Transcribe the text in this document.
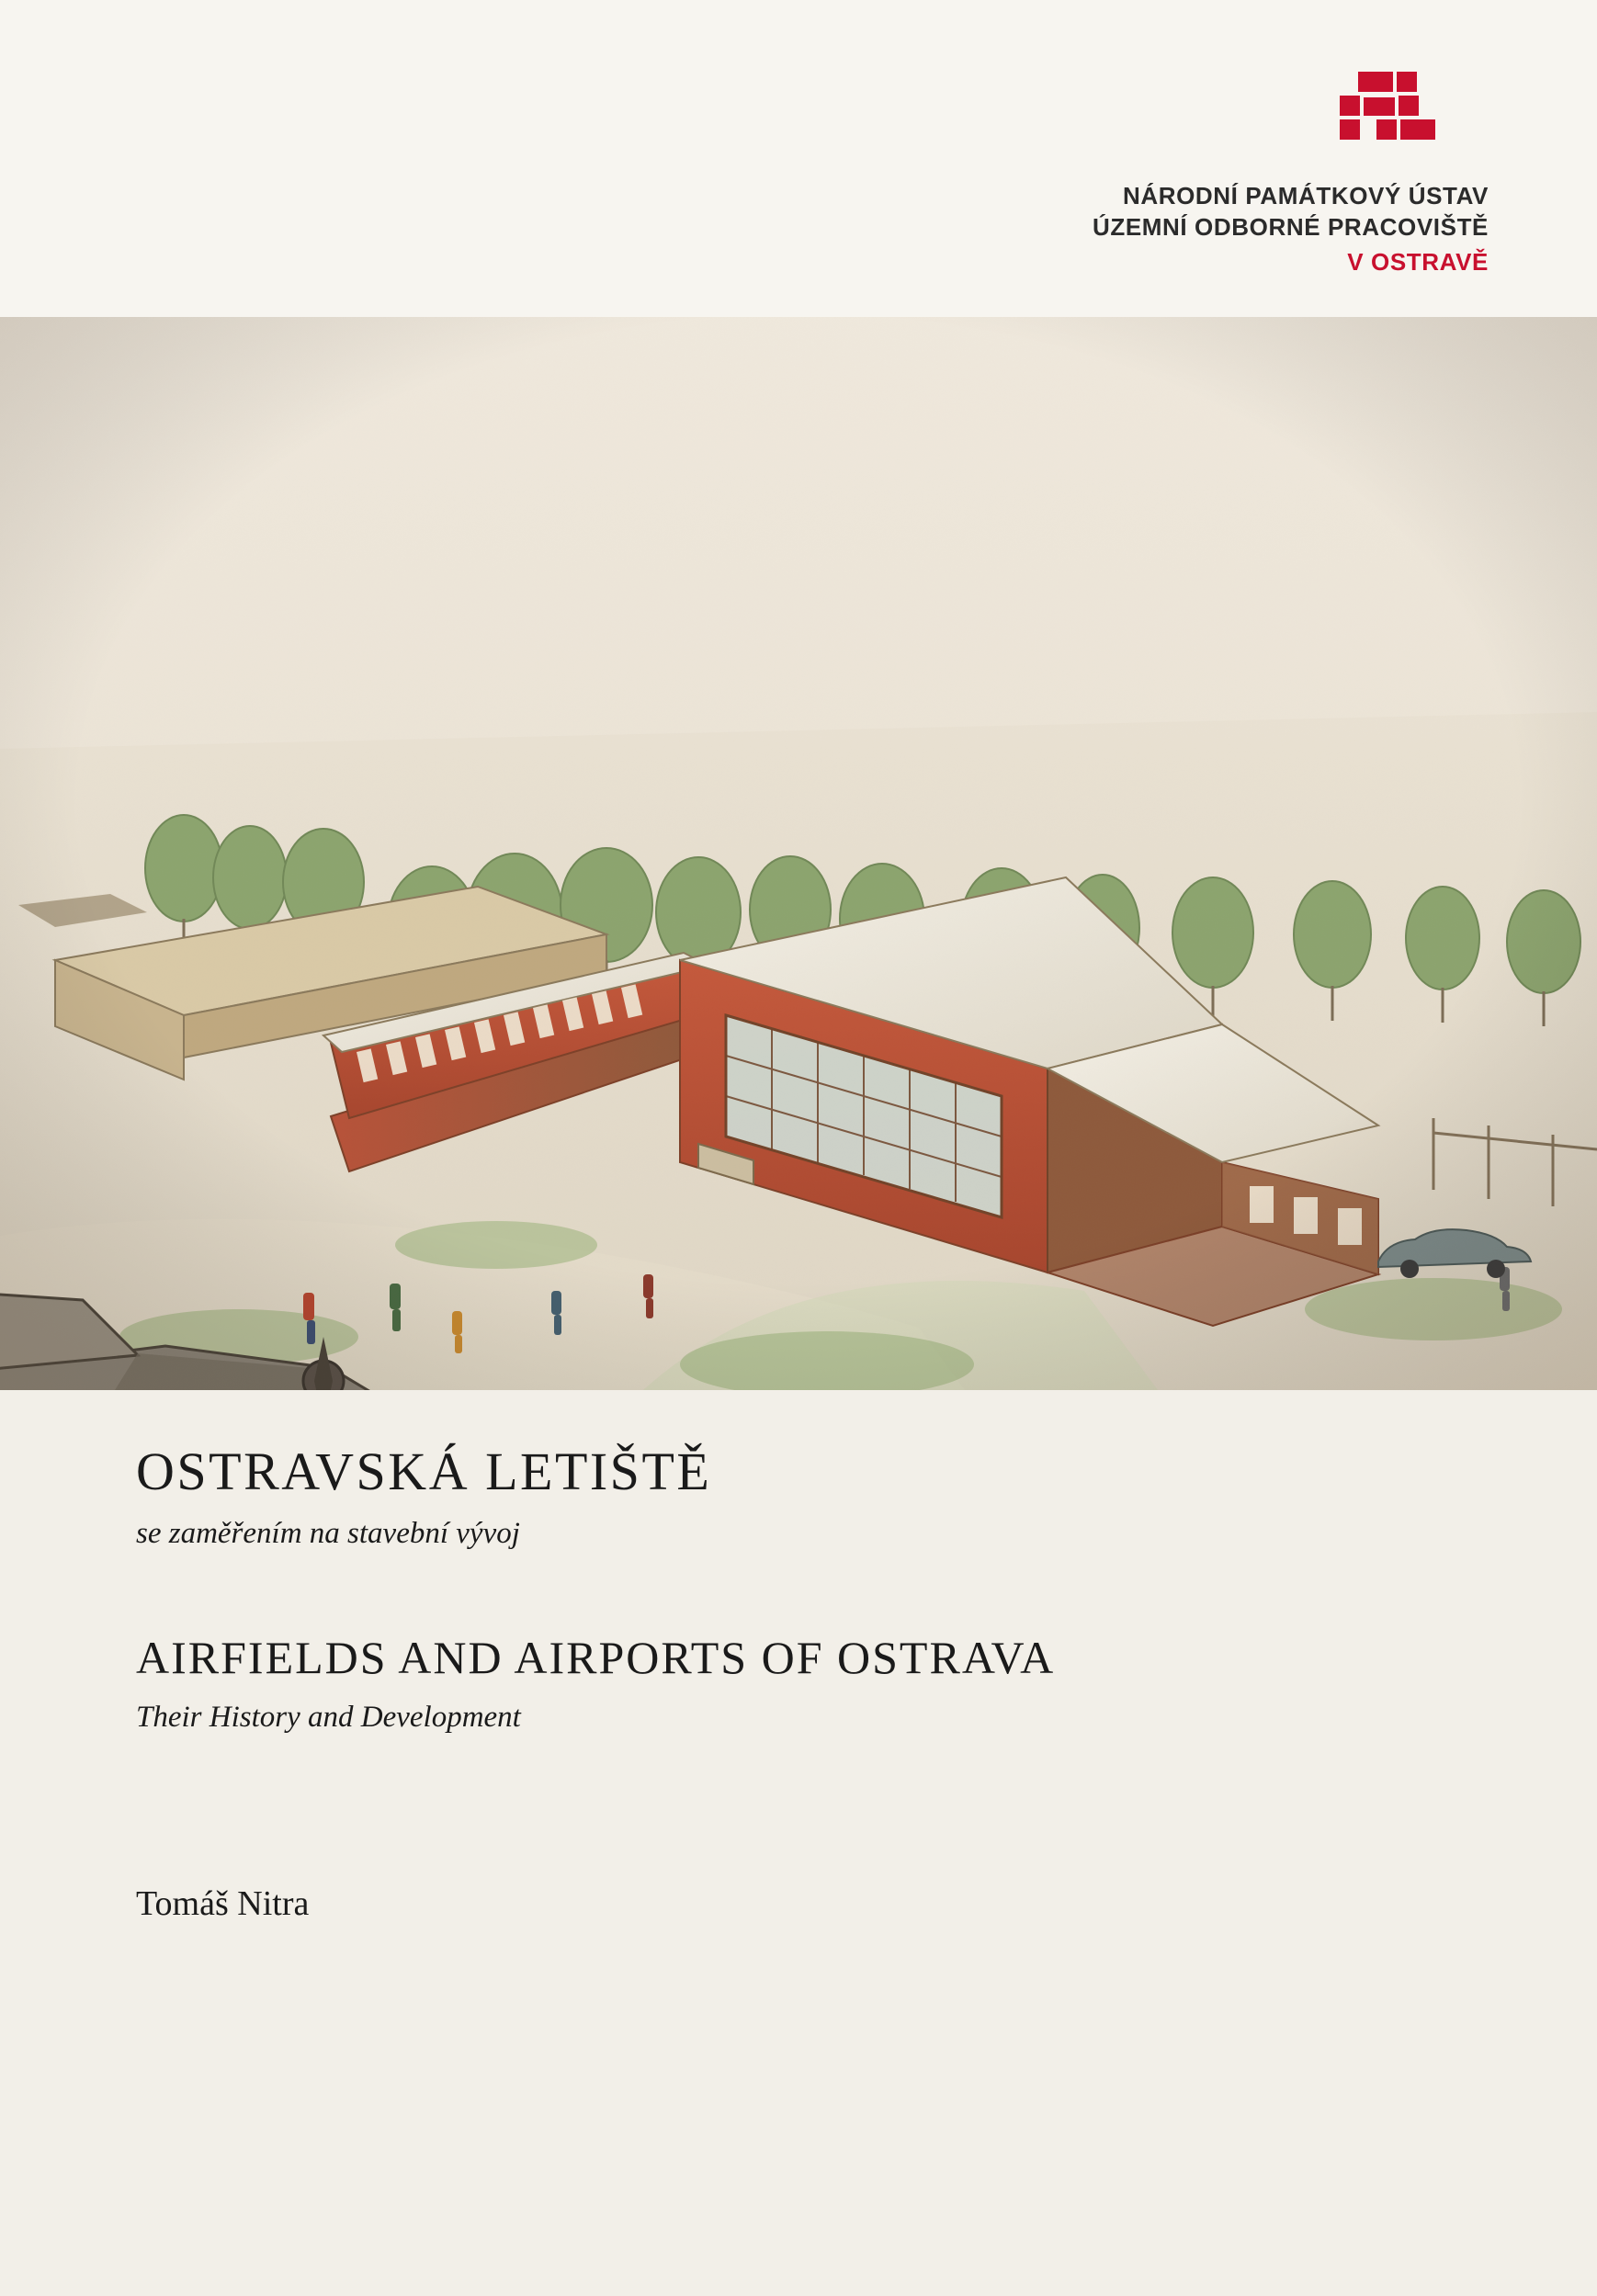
NÁRODNÍ PAMÁTKOVÝ ÚSTAV
ÚZEMNÍ ODBORNÉ PRACOVIŠTĚ
V OSTRAVĚ
OSTRAVSKÁ LETIŠTĚ

se zaměřením na stavební vývoj

AIRFIELDS AND AIRPORTS OF OSTRAVA

Their History and Development

Tomáš Nitra
